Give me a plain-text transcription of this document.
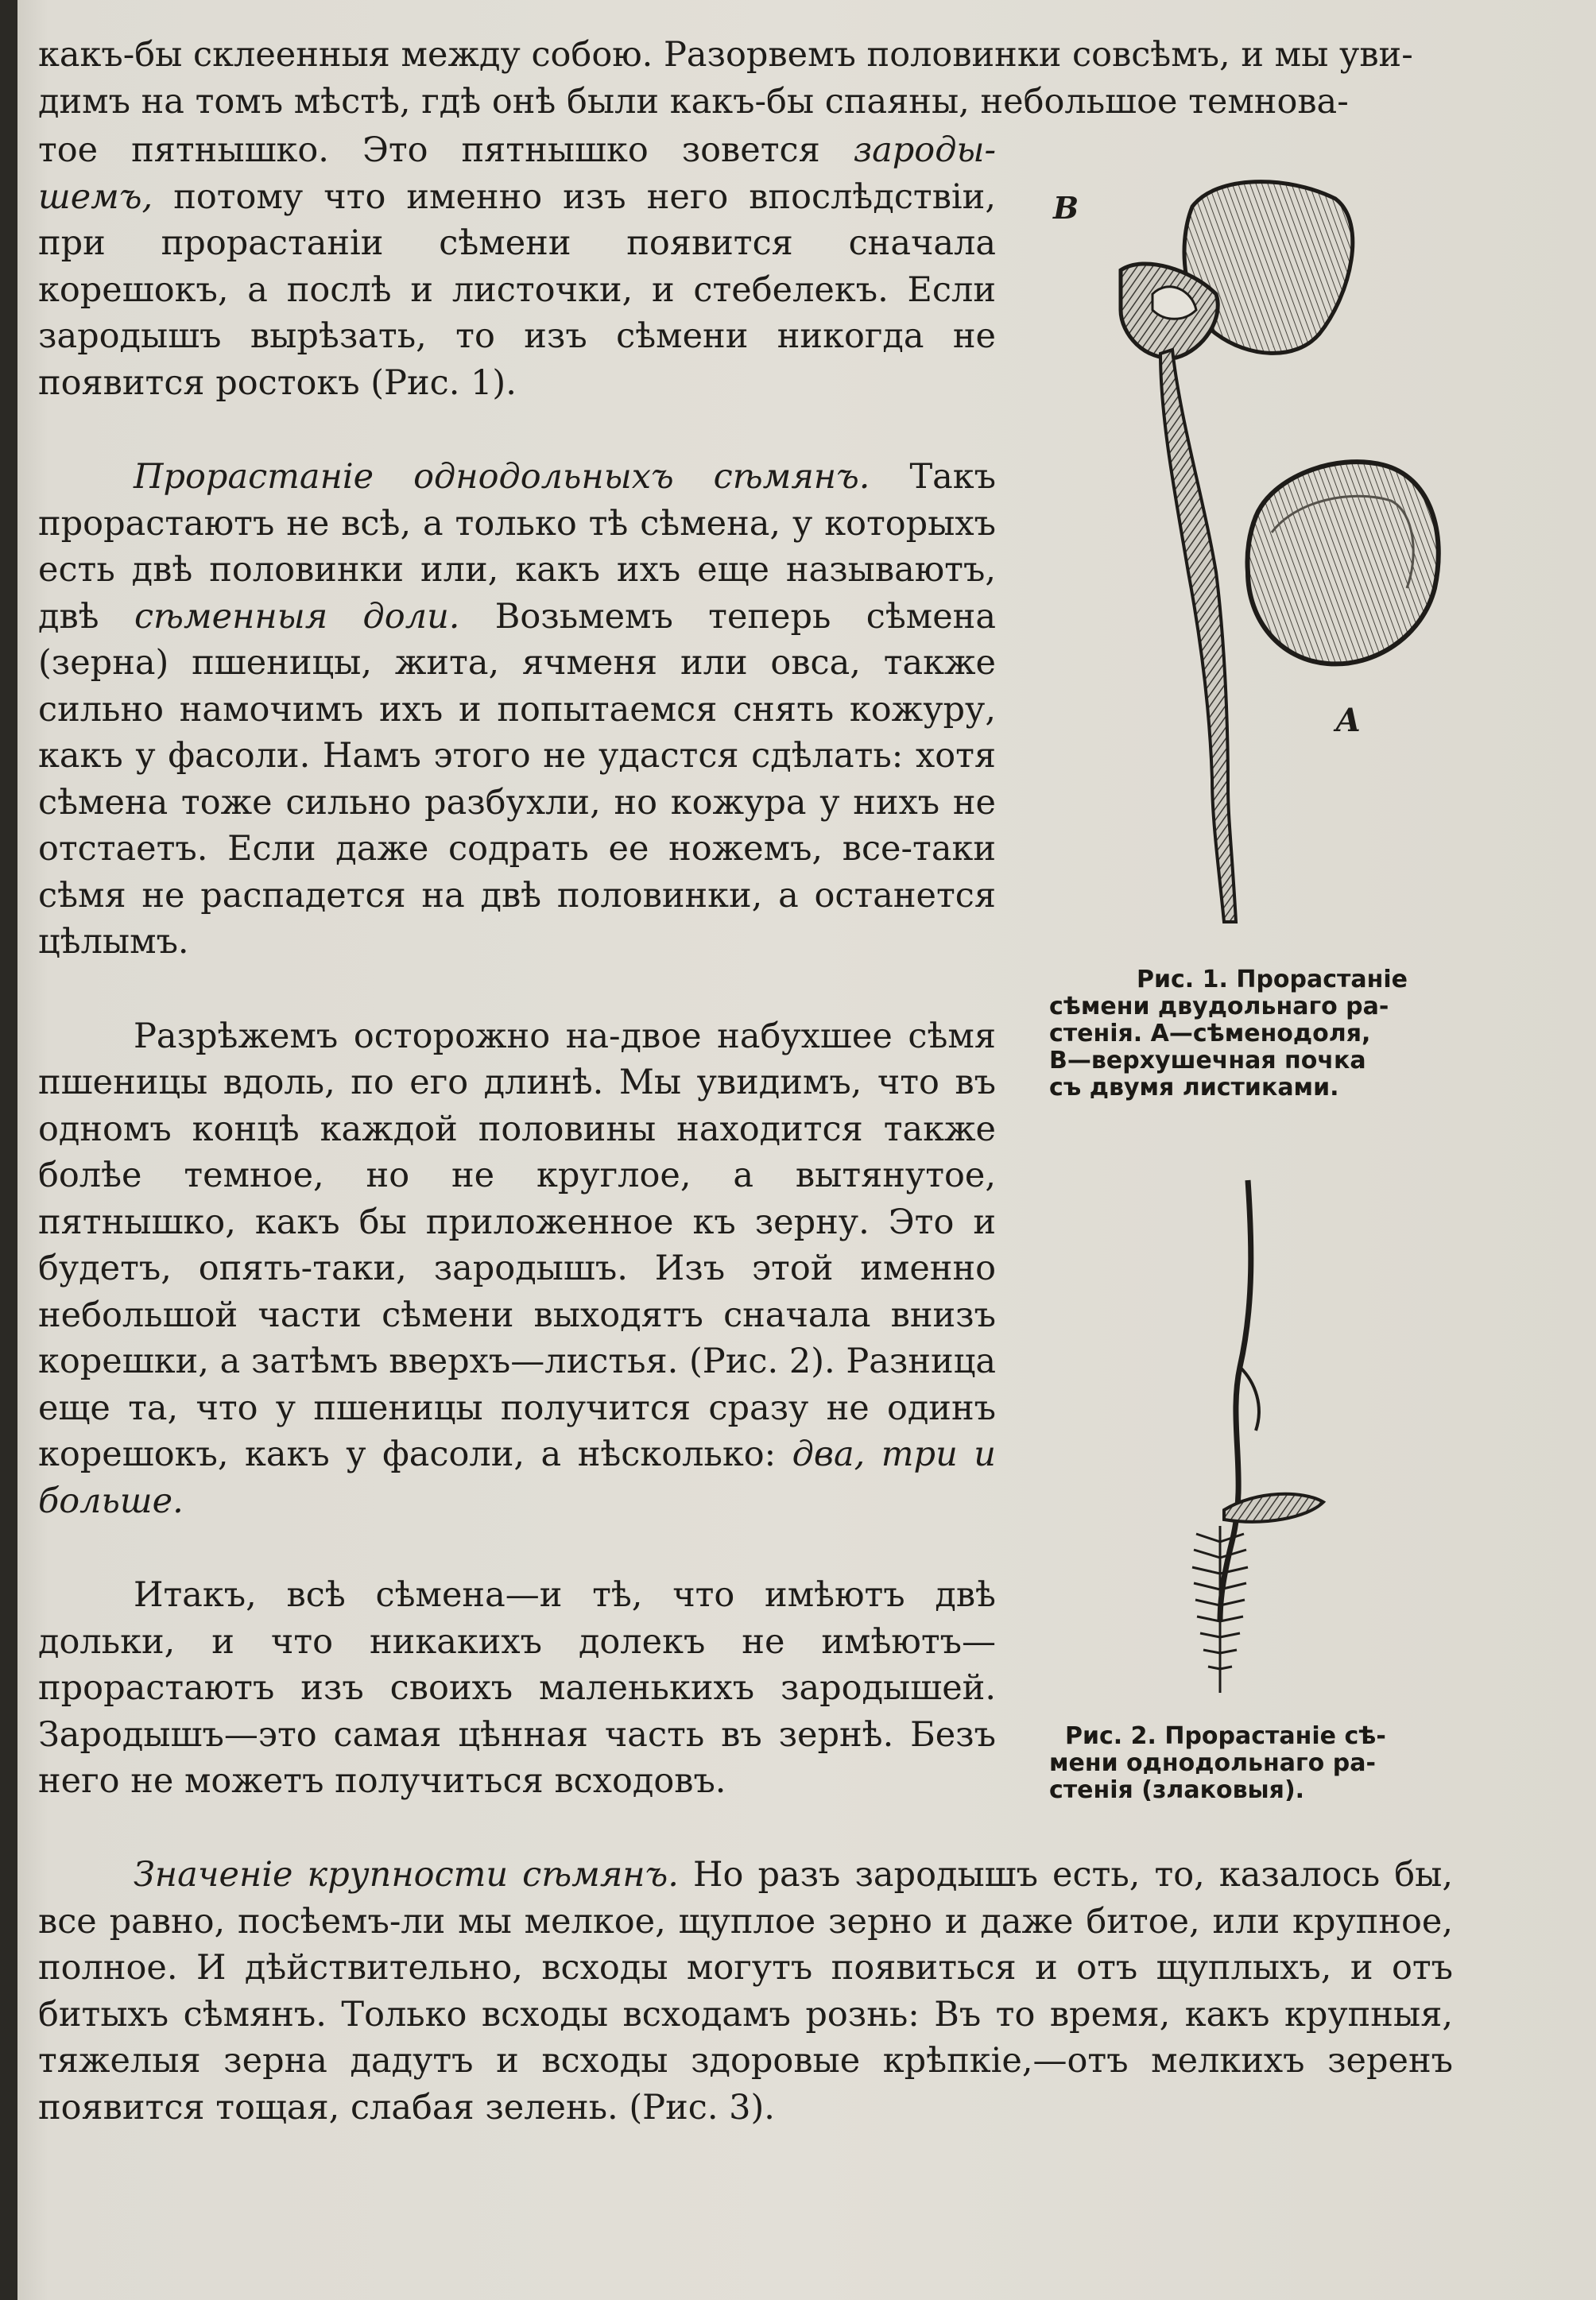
какъ-бы склеенныя между собою. Разорвемъ половинки совсѣмъ, и мы уви-
димъ на томъ мѣстѣ, гдѣ онѣ были какъ-бы спаяны, небольшое темнова-

тое пятнышко. Это пятнышко зовется зароды-шемъ, потому что именно изъ него впослѣдствіи, при прорастаніи сѣмени появится сначала корешокъ, а послѣ и листочки, и стебелекъ. Если зародышъ вырѣзать, то изъ сѣмени никогда не появится ростокъ (Рис. 1).

Прорастаніе однодольныхъ сѣмянъ. Такъ прорастаютъ не всѣ, а только тѣ сѣмена, у которыхъ есть двѣ половинки или, какъ ихъ еще называютъ, двѣ сѣменныя доли. Возьмемъ теперь сѣмена (зерна) пшеницы, жита, ячменя или овса, также сильно намочимъ ихъ и попытаемся снять кожуру, какъ у фасоли. Намъ этого не удастся сдѣлать: хотя сѣмена тоже сильно разбухли, но кожура у нихъ не отстаетъ. Если даже содрать ее ножемъ, все-таки сѣмя не распадется на двѣ половинки, а останется цѣлымъ.

Разрѣжемъ осторожно на-двое набухшее сѣмя пшеницы вдоль, по его длинѣ. Мы увидимъ, что въ одномъ концѣ каждой половины находится также болѣе темное, но не круглое, а вытянутое, пятнышко, какъ бы приложенное къ зерну. Это и будетъ, опять-таки, зародышъ. Изъ этой именно небольшой части сѣмени выходятъ сначала внизъ корешки, а затѣмъ вверхъ—листья. (Рис. 2). Разница еще та, что у пшеницы получится сразу не одинъ корешокъ, какъ у фасоли, а нѣсколько: два, три и больше.

Итакъ, всѣ сѣмена—и тѣ, что имѣютъ двѣ дольки, и что никакихъ долекъ не имѣютъ—прорастаютъ изъ своихъ маленькихъ зародышей. Зародышъ—это самая цѣнная часть въ зернѣ. Безъ него не можетъ получиться всходовъ.

Значеніе крупности сѣмянъ. Но разъ зародышъ есть, то, казалось бы, все равно, посѣемъ-ли мы мелкое, щуплое зерно и даже битое, или крупное, полное. И дѣйствительно, всходы могутъ появиться и отъ щуплыхъ, и отъ битыхъ сѣмянъ. Только всходы всходамъ рознь: Въ то время, какъ крупныя, тяжелыя зерна дадутъ и всходы здоровые крѣпкіе,—отъ мелкихъ зеренъ появится тощая, слабая зелень. (Рис. 3).

В
А
Рис. 1. Прорастаніе
сѣмени двудольнаго ра-
стенія. А—сѣменодоля,
В—верхушечная почка
съ двумя листиками.
Рис. 2. Прорастаніе сѣ-
мени однодольнаго ра-
стенія (злаковыя).
